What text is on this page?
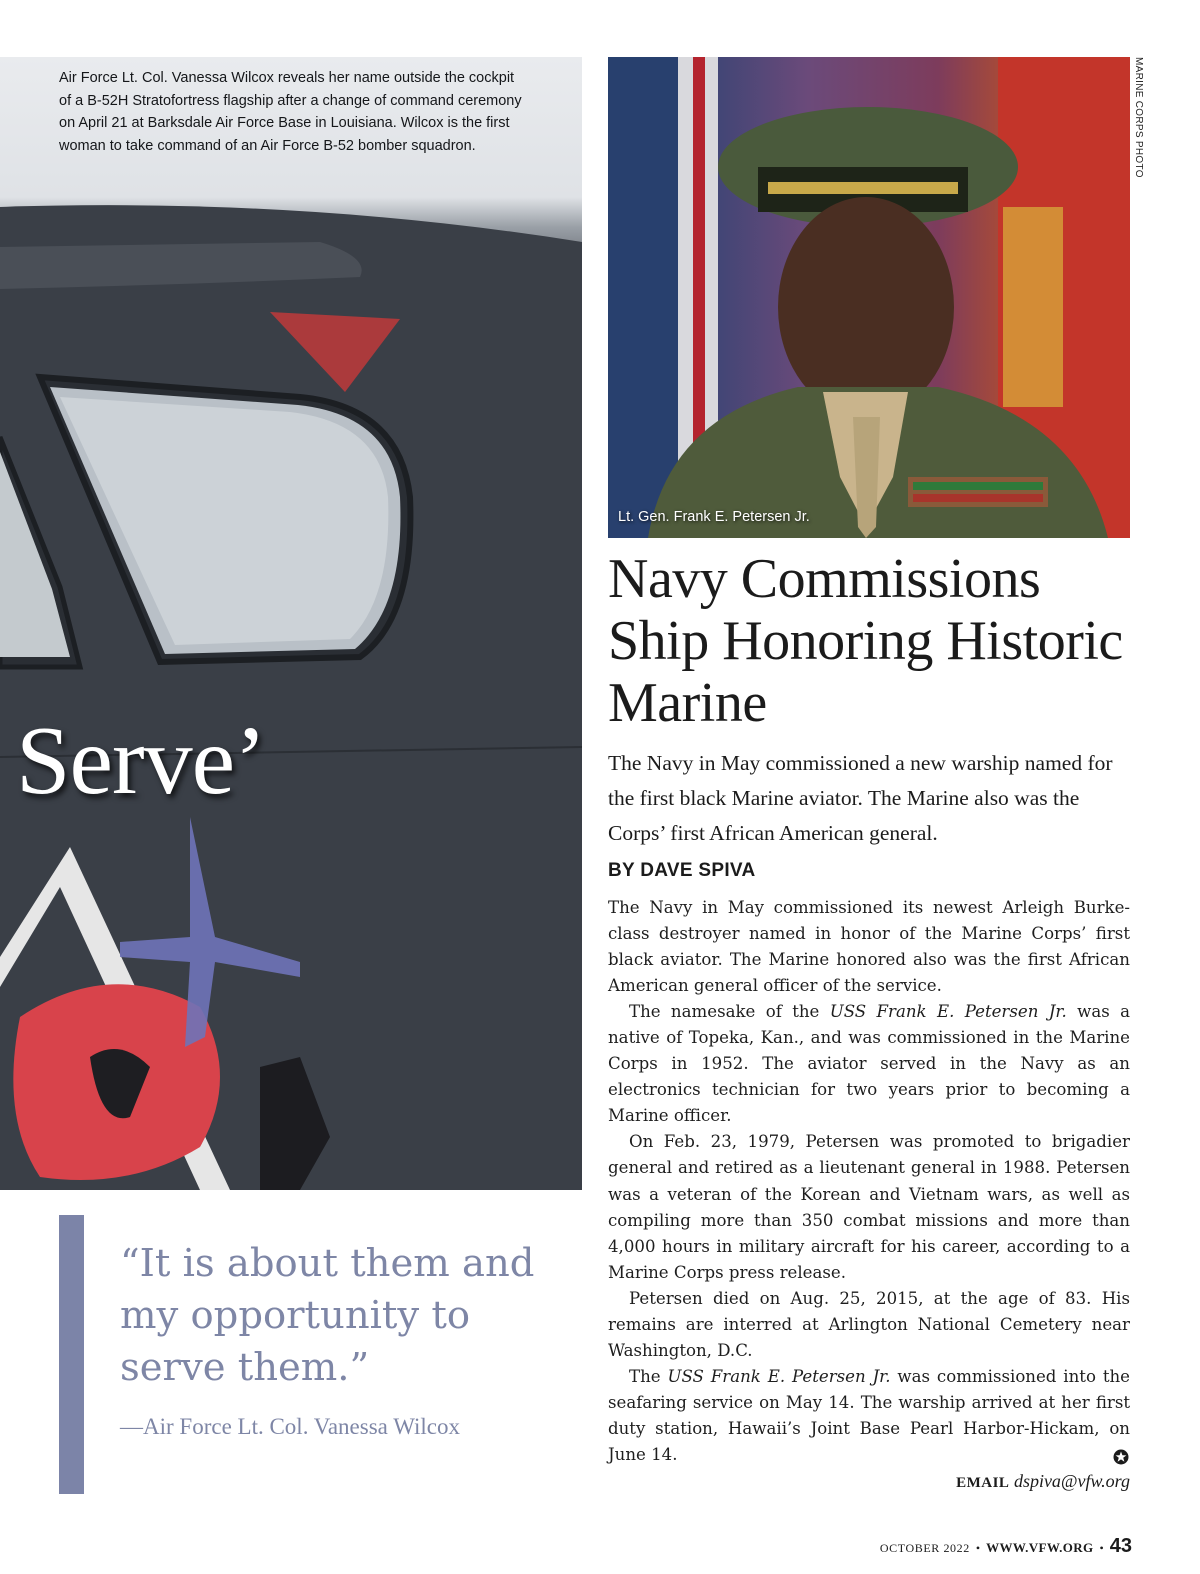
Air Force Lt. Col. Vanessa Wilcox reveals her name outside the cockpit of a B-52H Stratofortress flagship after a change of command ceremony on April 21 at Barksdale Air Force Base in Louisiana. Wilcox is the first woman to take command of an Air Force B-52 bomber squadron.
Serve’
“It is about them and my opportunity to serve them.”
—Air Force Lt. Col. Vanessa Wilcox
Lt. Gen. Frank E. Petersen Jr.
MARINE CORPS PHOTO
Navy Commissions Ship Honoring Historic Marine
The Navy in May commissioned a new warship named for the first black Marine aviator. The Marine also was the Corps’ first African American general.
BY DAVE SPIVA

The Navy in May commissioned its newest Arleigh Burke-class destroyer named in honor of the Marine Corps’ first black aviator. The Marine honored also was the first African American general officer of the service.

The namesake of the USS Frank E. Petersen Jr. was a native of Topeka, Kan., and was commissioned in the Marine Corps in 1952. The aviator served in the Navy as an electronics technician for two years prior to becoming a Marine officer.

On Feb. 23, 1979, Petersen was promoted to brigadier general and retired as a lieutenant general in 1988. Petersen was a veteran of the Korean and Vietnam wars, as well as compiling more than 350 combat missions and more than 4,000 hours in military aircraft for his career, according to a Marine Corps press release.

Petersen died on Aug. 25, 2015, at the age of 83. His remains are interred at Arlington National Cemetery near Washington, D.C.

The USS Frank E. Petersen Jr. was commissioned into the seafaring service on May 14. The warship arrived at her first duty station, Hawaii’s Joint Base Pearl Harbor-Hickam, on June 14.

EMAIL dspiva@vfw.org
OCTOBER 2022 • WWW.VFW.ORG • 43
